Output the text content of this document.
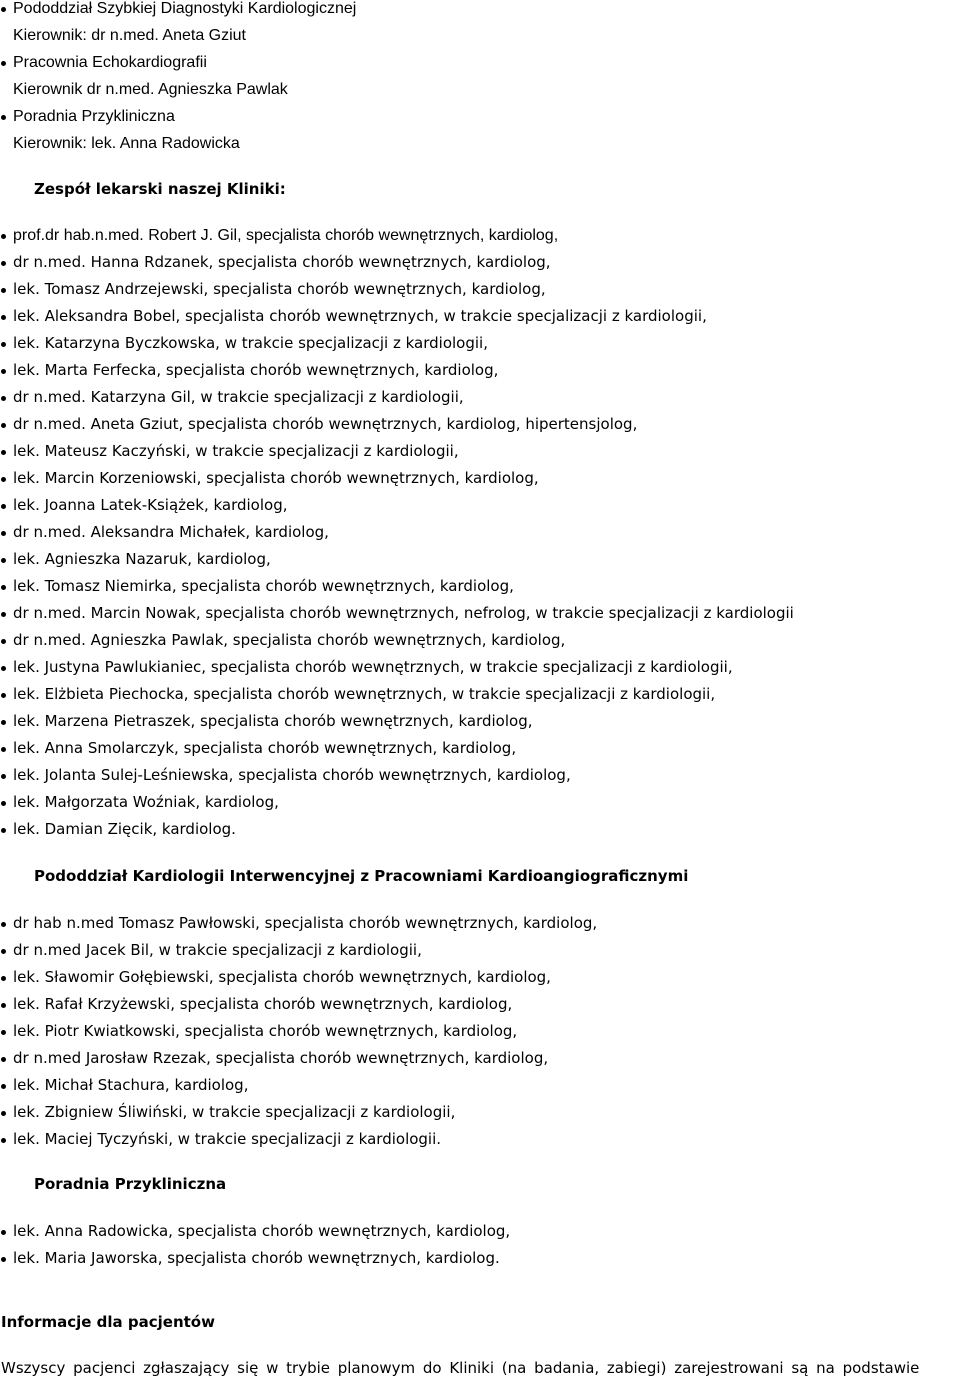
Pododdział Szybkiej Diagnostyki Kardiologicznej
Kierownik: dr n.med. Aneta Gziut
Pracownia Echokardiografii
Kierownik dr n.med. Agnieszka Pawlak
Poradnia Przykliniczna
Kierownik: lek. Anna Radowicka
Zespół lekarski naszej Kliniki:
prof.dr hab.n.med. Robert J. Gil, specjalista chorób wewnętrznych, kardiolog,
dr n.med. Hanna Rdzanek, specjalista chorób wewnętrznych, kardiolog,
lek. Tomasz Andrzejewski, specjalista chorób wewnętrznych, kardiolog,
lek. Aleksandra Bobel, specjalista chorób wewnętrznych, w trakcie specjalizacji z kardiologii,
lek. Katarzyna Byczkowska, w trakcie specjalizacji z kardiologii,
lek. Marta Ferfecka, specjalista chorób wewnętrznych, kardiolog,
dr n.med. Katarzyna Gil, w trakcie specjalizacji z kardiologii,
dr n.med. Aneta Gziut, specjalista chorób wewnętrznych, kardiolog, hipertensjolog,
lek. Mateusz Kaczyński, w trakcie specjalizacji z kardiologii,
lek. Marcin Korzeniowski, specjalista chorób wewnętrznych, kardiolog,
lek. Joanna Latek-Książek, kardiolog,
dr n.med. Aleksandra Michałek, kardiolog,
lek. Agnieszka Nazaruk, kardiolog,
lek. Tomasz Niemirka, specjalista chorób wewnętrznych, kardiolog,
dr n.med. Marcin Nowak, specjalista chorób wewnętrznych, nefrolog, w trakcie specjalizacji z kardiologii
dr n.med. Agnieszka Pawlak, specjalista chorób wewnętrznych, kardiolog,
lek. Justyna Pawlukianiec, specjalista chorób wewnętrznych, w trakcie specjalizacji z kardiologii,
lek. Elżbieta Piechocka, specjalista chorób wewnętrznych, w trakcie specjalizacji z kardiologii,
lek. Marzena Pietraszek, specjalista chorób wewnętrznych, kardiolog,
lek. Anna Smolarczyk, specjalista chorób wewnętrznych, kardiolog,
lek. Jolanta Sulej-Leśniewska, specjalista chorób wewnętrznych, kardiolog,
lek. Małgorzata Woźniak, kardiolog,
lek. Damian Zięcik, kardiolog.
Pododdział Kardiologii Interwencyjnej z Pracowniami Kardioangiograficznymi
dr hab n.med Tomasz Pawłowski, specjalista chorób wewnętrznych, kardiolog,
dr n.med Jacek Bil, w trakcie specjalizacji z kardiologii,
lek. Sławomir Gołębiewski, specjalista chorób wewnętrznych, kardiolog,
lek. Rafał Krzyżewski, specjalista chorób wewnętrznych, kardiolog,
lek. Piotr Kwiatkowski, specjalista chorób wewnętrznych, kardiolog,
dr n.med Jarosław Rzezak, specjalista chorób wewnętrznych, kardiolog,
lek. Michał Stachura, kardiolog,
lek. Zbigniew Śliwiński, w trakcie specjalizacji z kardiologii,
lek. Maciej Tyczyński, w trakcie specjalizacji z kardiologii.
Poradnia Przykliniczna
lek. Anna Radowicka, specjalista chorób wewnętrznych, kardiolog,
lek. Maria Jaworska, specjalista chorób wewnętrznych, kardiolog.
Informacje dla pacjentów
Wszyscy pacjenci zgłaszający się w trybie planowym do Kliniki (na badania, zabiegi) zarejestrowani są na podstawie
